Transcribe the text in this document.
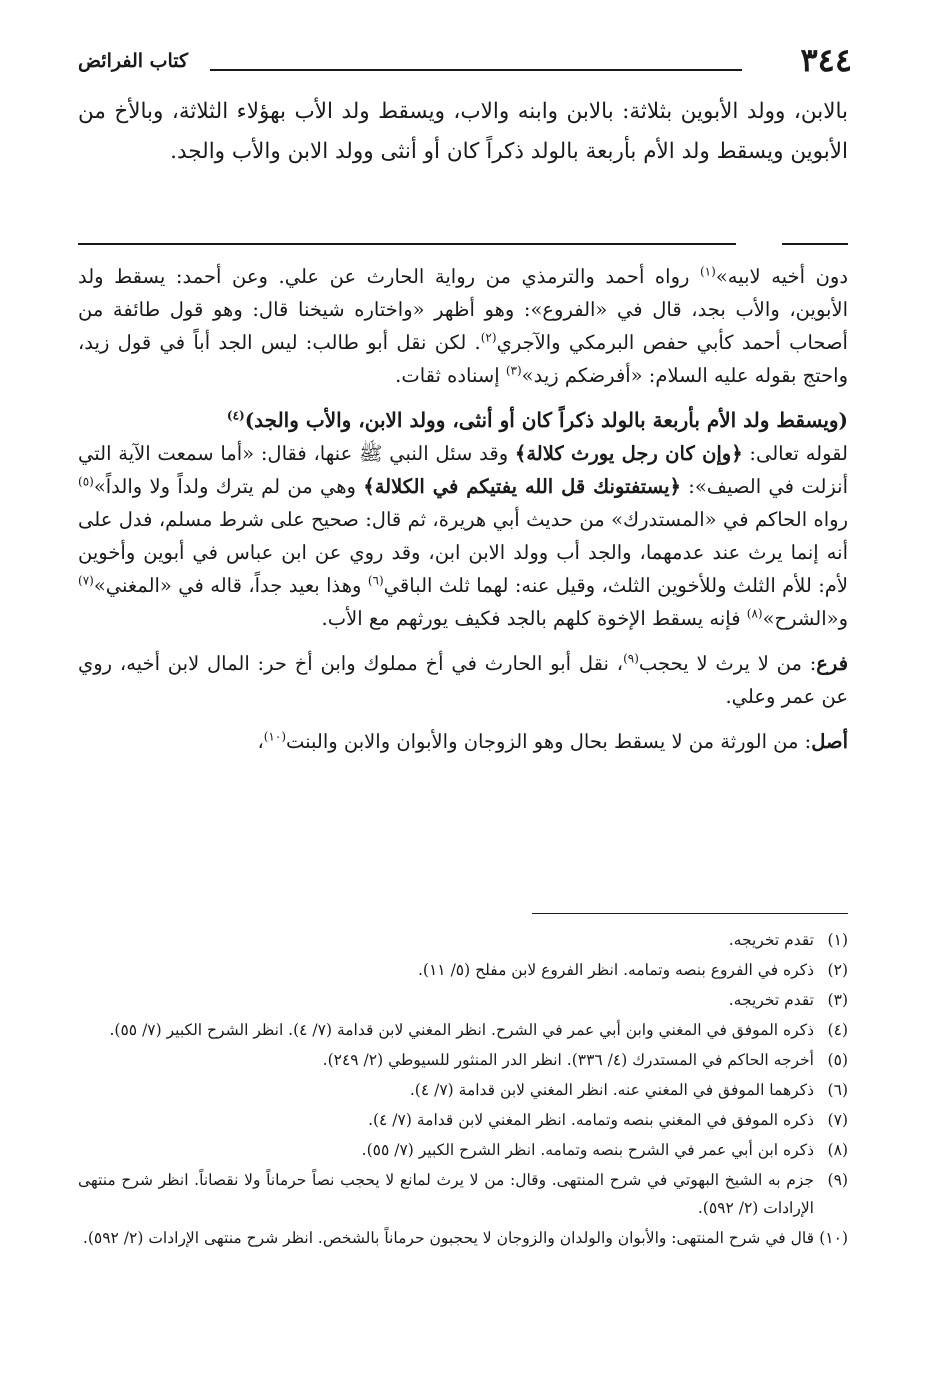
٣٤٤
كتاب الفرائض

بالابن، وولد الأبوين بثلاثة: بالابن وابنه والاب، ويسقط ولد الأب بهؤلاء الثلاثة، وبالأخ من الأبوين ويسقط ولد الأم بأربعة بالولد ذكراً كان أو أنثى وولد الابن والأب والجد.

دون أخيه لابيه»$^{(١)}$ رواه أحمد والترمذي من رواية الحارث عن علي. وعن أحمد: يسقط ولد الأبوين، والأب بجد، قال في «الفروع»: وهو أظهر «واختاره شيخنا قال: وهو قول طائفة من أصحاب أحمد كأبي حفص البرمكي والآجري$^{(٢)}$. لكن نقل أبو طالب: ليس الجد أباً في قول زيد، واحتج بقوله عليه السلام: «أفرضكم زيد»$^{(٣)}$ إسناده ثقات.

(ويسقط ولد الأم بأربعة بالولد ذكراً كان أو أنثى، وولد الابن، والأب والجد)$^{(٤)}$

لقوله تعالى: ﴿وإن كان رجل يورث كلالة﴾ وقد سئل النبي ﷺ عنها، فقال: «أما سمعت الآية التي أنزلت في الصيف»: ﴿يستفتونك قل الله يفتيكم في الكلالة﴾ وهي من لم يترك ولداً ولا والداً»$^{(٥)}$ رواه الحاكم في «المستدرك» من حديث أبي هريرة، ثم قال: صحيح على شرط مسلم، فدل على أنه إنما يرث عند عدمهما، والجد أب وولد الابن ابن، وقد روي عن ابن عباس في أبوين وأخوين لأم: للأم الثلث وللأخوين الثلث، وقيل عنه: لهما ثلث الباقي$^{(٦)}$ وهذا بعيد جداً، قاله في «المغني»$^{(٧)}$ و«الشرح»$^{(٨)}$ فإنه يسقط الإخوة كلهم بالجد فكيف يورثهم مع الأب.

فرع: من لا يرث لا يحجب$^{(٩)}$، نقل أبو الحارث في أخ مملوك وابن أخ حر: المال لابن أخيه، روي عن عمر وعلي.

أصل: من الورثة من لا يسقط بحال وهو الزوجان والأبوان والابن والبنت$^{(١٠)}$،

(١)
تقدم تخريجه.
(٢)
ذكره في الفروع بنصه وتمامه. انظر الفروع لابن مفلح (٥/ ١١).
(٣)
تقدم تخريجه.
(٤)
ذكره الموفق في المغني وابن أبي عمر في الشرح. انظر المغني لابن قدامة (٧/ ٤). انظر الشرح الكبير (٧/ ٥٥).
(٥)
أخرجه الحاكم في المستدرك (٤/ ٣٣٦). انظر الدر المنثور للسيوطي (٢/ ٢٤٩).
(٦)
ذكرهما الموفق في المغني عنه. انظر المغني لابن قدامة (٧/ ٤).
(٧)
ذكره الموفق في المغني بنصه وتمامه. انظر المغني لابن قدامة (٧/ ٤).
(٨)
ذكره ابن أبي عمر في الشرح بنصه وتمامه. انظر الشرح الكبير (٧/ ٥٥).
(٩)
جزم به الشيخ البهوتي في شرح المنتهى. وقال: من لا يرث لمانع لا يحجب نصاً حرماناً ولا نقصاناً. انظر شرح منتهى الإرادات (٢/ ٥٩٢).
(١٠)
قال في شرح المنتهى: والأبوان والولدان والزوجان لا يحجبون حرماناً بالشخص. انظر شرح منتهى الإرادات (٢/ ٥٩٢).
